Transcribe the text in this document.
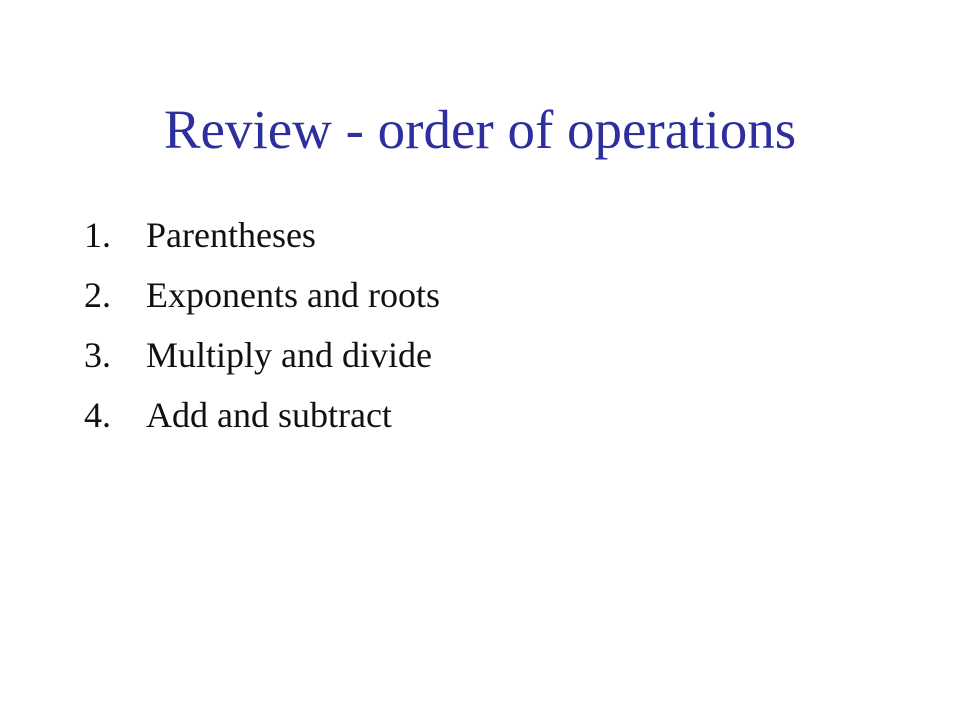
Review - order of operations
1. Parentheses
2. Exponents and roots
3. Multiply and divide
4. Add and subtract
